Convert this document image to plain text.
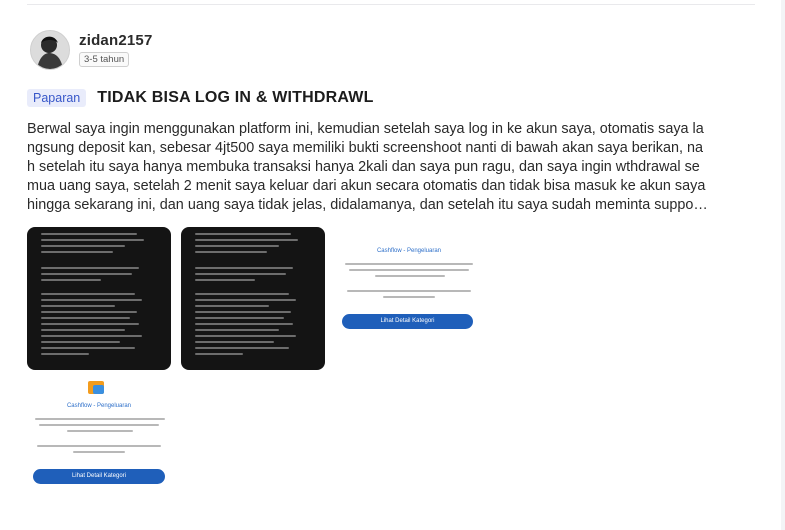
zidan2157
3-5 tahun
Paparan	TIDAK BISA LOG IN & WITHDRAWL
Berwal saya ingin menggunakan platform ini, kemudian setelah saya log in ke akun saya, otomatis saya la
ngsung deposit kan, sebesar 4jt500 saya memiliki bukti screenshoot nanti di bawah akan saya berikan, na
h setelah itu saya hanya membuka transaksi hanya 2kali dan saya pun ragu, dan saya ingin wthdrawal se
mua uang saya, setelah 2 menit saya keluar dari akun secara otomatis dan tidak bisa masuk ke akun saya
hingga sekarang ini, dan uang saya tidak jelas, didalamanya, dan setelah itu saya sudah meminta suppo…
Cashflow - Pengeluaran
Lihat Detail Kategori
Cashflow - Pengeluaran
Lihat Detail Kategori
